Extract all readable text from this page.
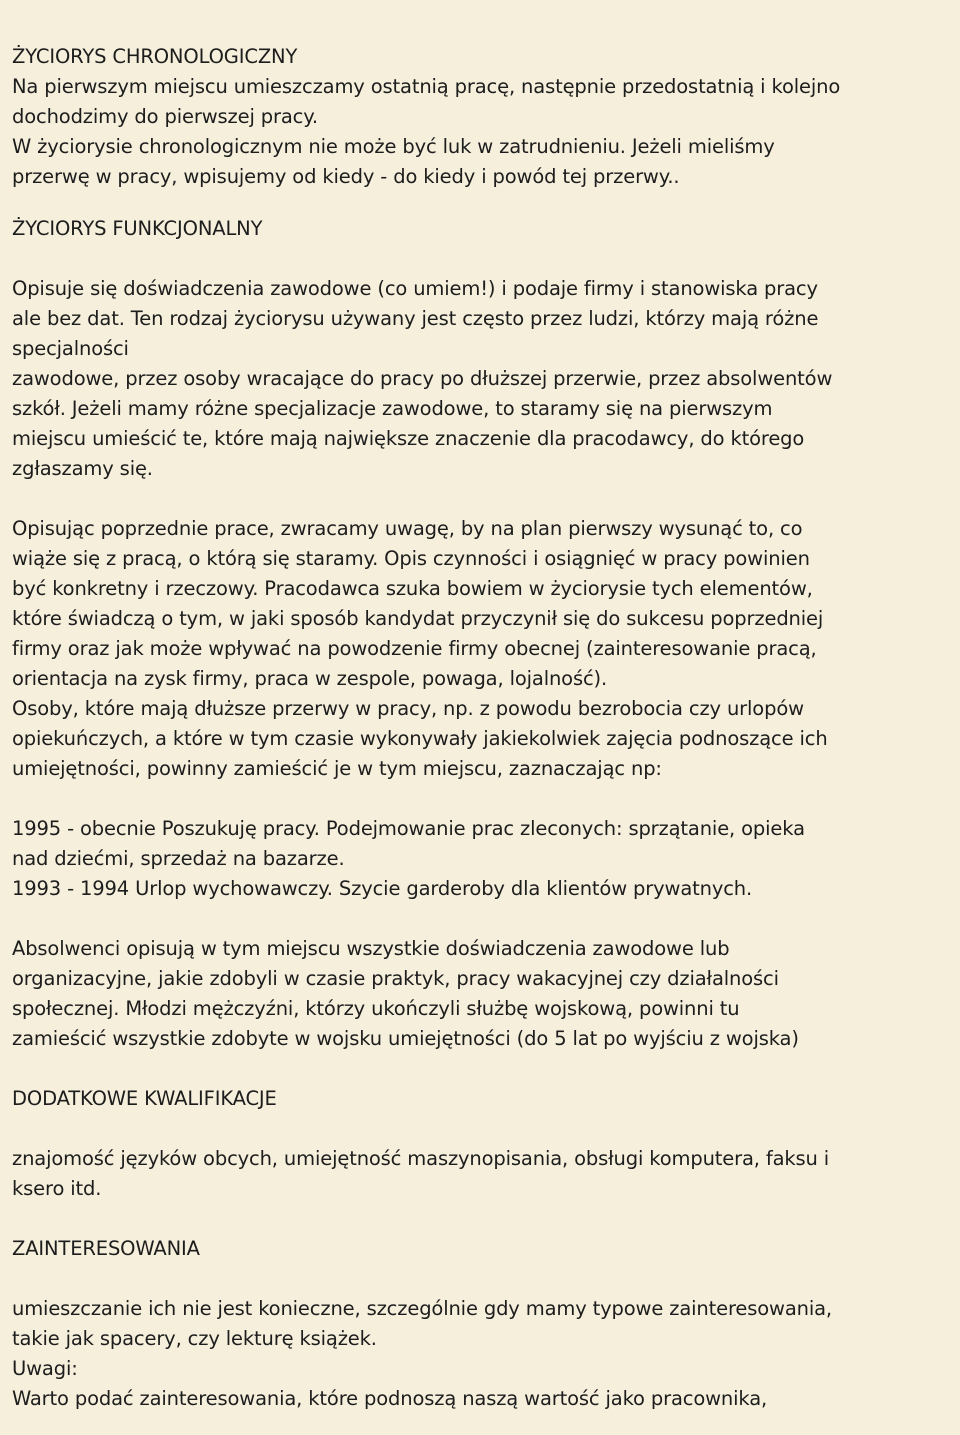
ŻYCIORYS CHRONOLOGICZNY
Na pierwszym miejscu umieszczamy ostatnią pracę, następnie przedostatnią i kolejno
dochodzimy do pierwszej pracy.
W życiorysie chronologicznym nie może być luk w zatrudnieniu. Jeżeli mieliśmy
przerwę w pracy, wpisujemy od kiedy - do kiedy i powód tej przerwy..
ŻYCIORYS FUNKCJONALNY
Opisuje się doświadczenia zawodowe (co umiem!) i podaje firmy i stanowiska pracy
ale bez dat. Ten rodzaj życiorysu używany jest często przez ludzi, którzy mają różne
specjalności
zawodowe, przez osoby wracające do pracy po dłuższej przerwie, przez absolwentów
szkół. Jeżeli mamy różne specjalizacje zawodowe, to staramy się na pierwszym
miejscu umieścić te, które mają największe znaczenie dla pracodawcy, do którego
zgłaszamy się.
Opisując poprzednie prace, zwracamy uwagę, by na plan pierwszy wysunąć to, co
wiąże się z pracą, o którą się staramy. Opis czynności i osiągnięć w pracy powinien
być konkretny i rzeczowy. Pracodawca szuka bowiem w życiorysie tych elementów,
które świadczą o tym, w jaki sposób kandydat przyczynił się do sukcesu poprzedniej
firmy oraz jak może wpływać na powodzenie firmy obecnej (zainteresowanie pracą,
orientacja na zysk firmy, praca w zespole, powaga, lojalność).
Osoby, które mają dłuższe przerwy w pracy, np. z powodu bezrobocia czy urlopów
opiekuńczych, a które w tym czasie wykonywały jakiekolwiek zajęcia podnoszące ich
umiejętności, powinny zamieścić je w tym miejscu, zaznaczając np:
1995 - obecnie Poszukuję pracy. Podejmowanie prac zleconych: sprzątanie, opieka
nad dziećmi, sprzedaż na bazarze.
1993 - 1994 Urlop wychowawczy. Szycie garderoby dla klientów prywatnych.
Absolwenci opisują w tym miejscu wszystkie doświadczenia zawodowe lub
organizacyjne, jakie zdobyli w czasie praktyk, pracy wakacyjnej czy działalności
społecznej. Młodzi mężczyźni, którzy ukończyli służbę wojskową, powinni tu
zamieścić wszystkie zdobyte w wojsku umiejętności (do 5 lat po wyjściu z wojska)
DODATKOWE KWALIFIKACJE
znajomość języków obcych, umiejętność maszynopisania, obsługi komputera, faksu i
ksero itd.
ZAINTERESOWANIA
umieszczanie ich nie jest konieczne, szczególnie gdy mamy typowe zainteresowania,
takie jak spacery, czy lekturę książek.
Uwagi:
Warto podać zainteresowania, które podnoszą naszą wartość jako pracownika,
